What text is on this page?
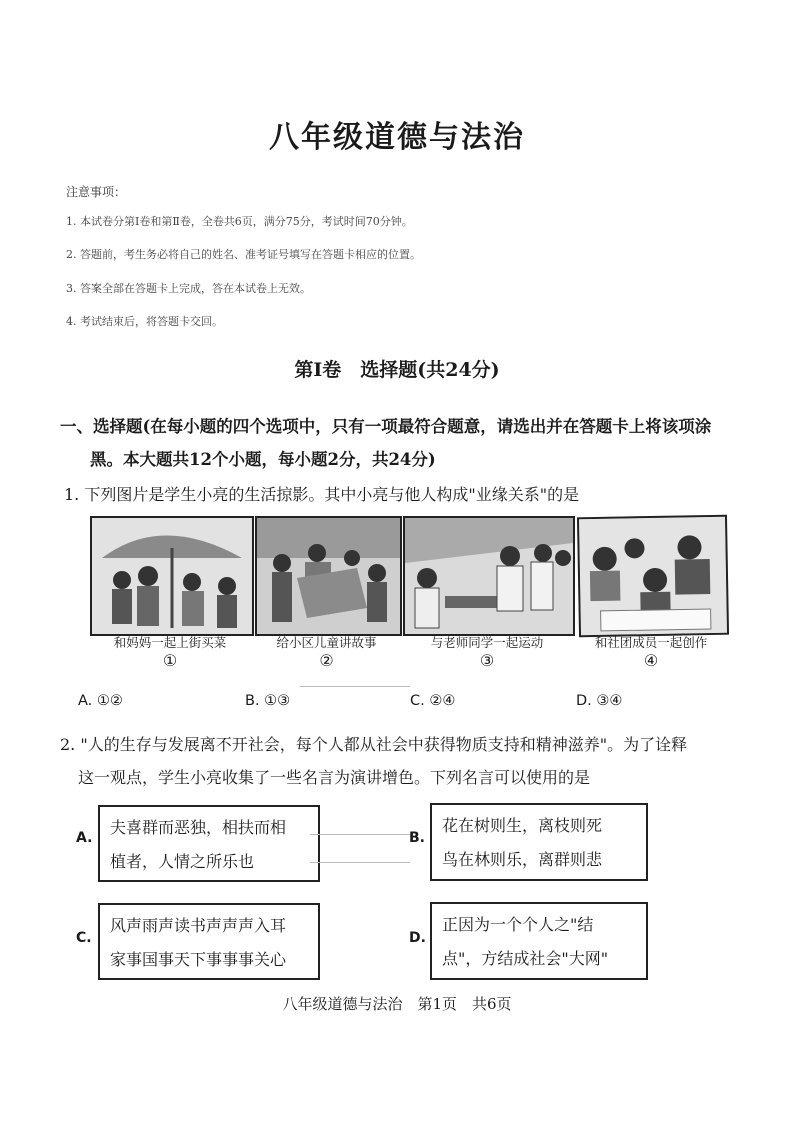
八年级道德与法治
注意事项：
1. 本试卷分第Ⅰ卷和第Ⅱ卷，全卷共6页，满分75分，考试时间70分钟。
2. 答题前，考生务必将自己的姓名、准考证号填写在答题卡相应的位置。
3. 答案全部在答题卡上完成，答在本试卷上无效。
4. 考试结束后，将答题卡交回。
第Ⅰ卷　选择题(共24分)
一、选择题(在每小题的四个选项中，只有一项最符合题意，请选出并在答题卡上将该项涂
黑。本大题共12个小题，每小题2分，共24分)
1. 下列图片是学生小亮的生活掠影。其中小亮与他人构成"业缘关系"的是
和妈妈一起上街买菜	给小区儿童讲故事	与老师同学一起运动	和社团成员一起创作
①	②	③	④
A. ①②	B. ①③	C. ②④	D. ③④
2. "人的生存与发展离不开社会，每个人都从社会中获得物质支持和精神滋养"。为了诠释
这一观点，学生小亮收集了一些名言为演讲增色。下列名言可以使用的是
A.
夫喜群而恶独，相扶而相
植者，人情之所乐也
B.
花在树则生，离枝则死
鸟在林则乐，离群则悲
C.
风声雨声读书声声声入耳
家事国事天下事事事关心
D.
正因为一个个人之"结
点"，方结成社会"大网"
八年级道德与法治　第1页　共6页
